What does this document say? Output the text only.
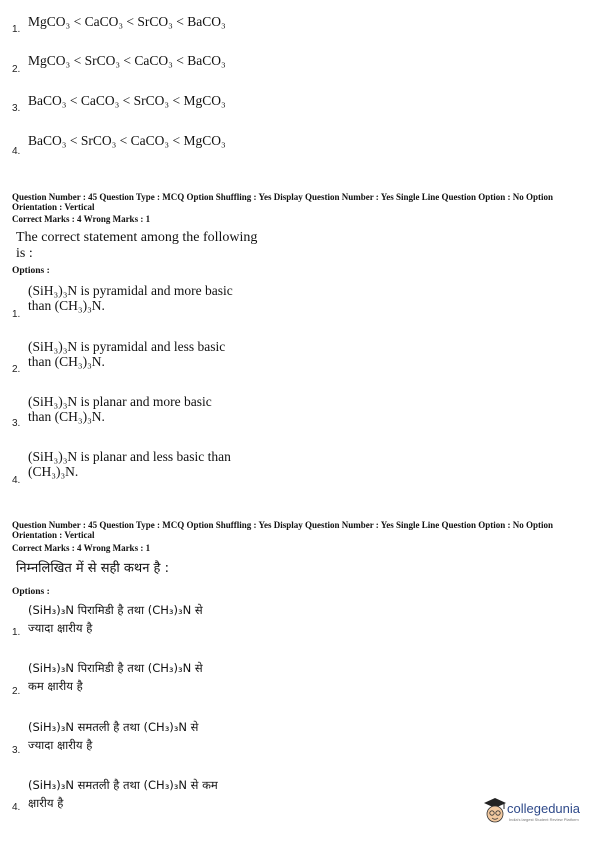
1.
MgCO₃ < CaCO₃ < SrCO₃ < BaCO₃
2.
MgCO₃ < SrCO₃ < CaCO₃ < BaCO₃
3.
BaCO₃ < CaCO₃ < SrCO₃ < MgCO₃
4.
BaCO₃ < SrCO₃ < CaCO₃ < MgCO₃
Question Number : 45 Question Type : MCQ Option Shuffling : Yes Display Question Number : Yes Single Line Question Option : No Option Orientation : Vertical
Correct Marks : 4 Wrong Marks : 1
The correct statement among the following
is :
Options :
1.
(SiH₃)₃N is pyramidal and more basic
than (CH₃)₃N.
2.
(SiH₃)₃N is pyramidal and less basic
than (CH₃)₃N.
3.
(SiH₃)₃N is planar and more basic
than (CH₃)₃N.
4.
(SiH₃)₃N is planar and less basic than
(CH₃)₃N.
Question Number : 45 Question Type : MCQ Option Shuffling : Yes Display Question Number : Yes Single Line Question Option : No Option Orientation : Vertical
Correct Marks : 4 Wrong Marks : 1
निम्नलिखित में से सही कथन है :
Options :
1.
(SiH₃)₃N पिरामिडी है तथा (CH₃)₃N से
ज्यादा क्षारीय है
2.
(SiH₃)₃N पिरामिडी है तथा (CH₃)₃N से
कम क्षारीय है
3.
(SiH₃)₃N समतली है तथा (CH₃)₃N से
ज्यादा क्षारीय है
4.
(SiH₃)₃N समतली है तथा (CH₃)₃N से कम
क्षारीय है	collegedunia
India's largest Student Review Platform
